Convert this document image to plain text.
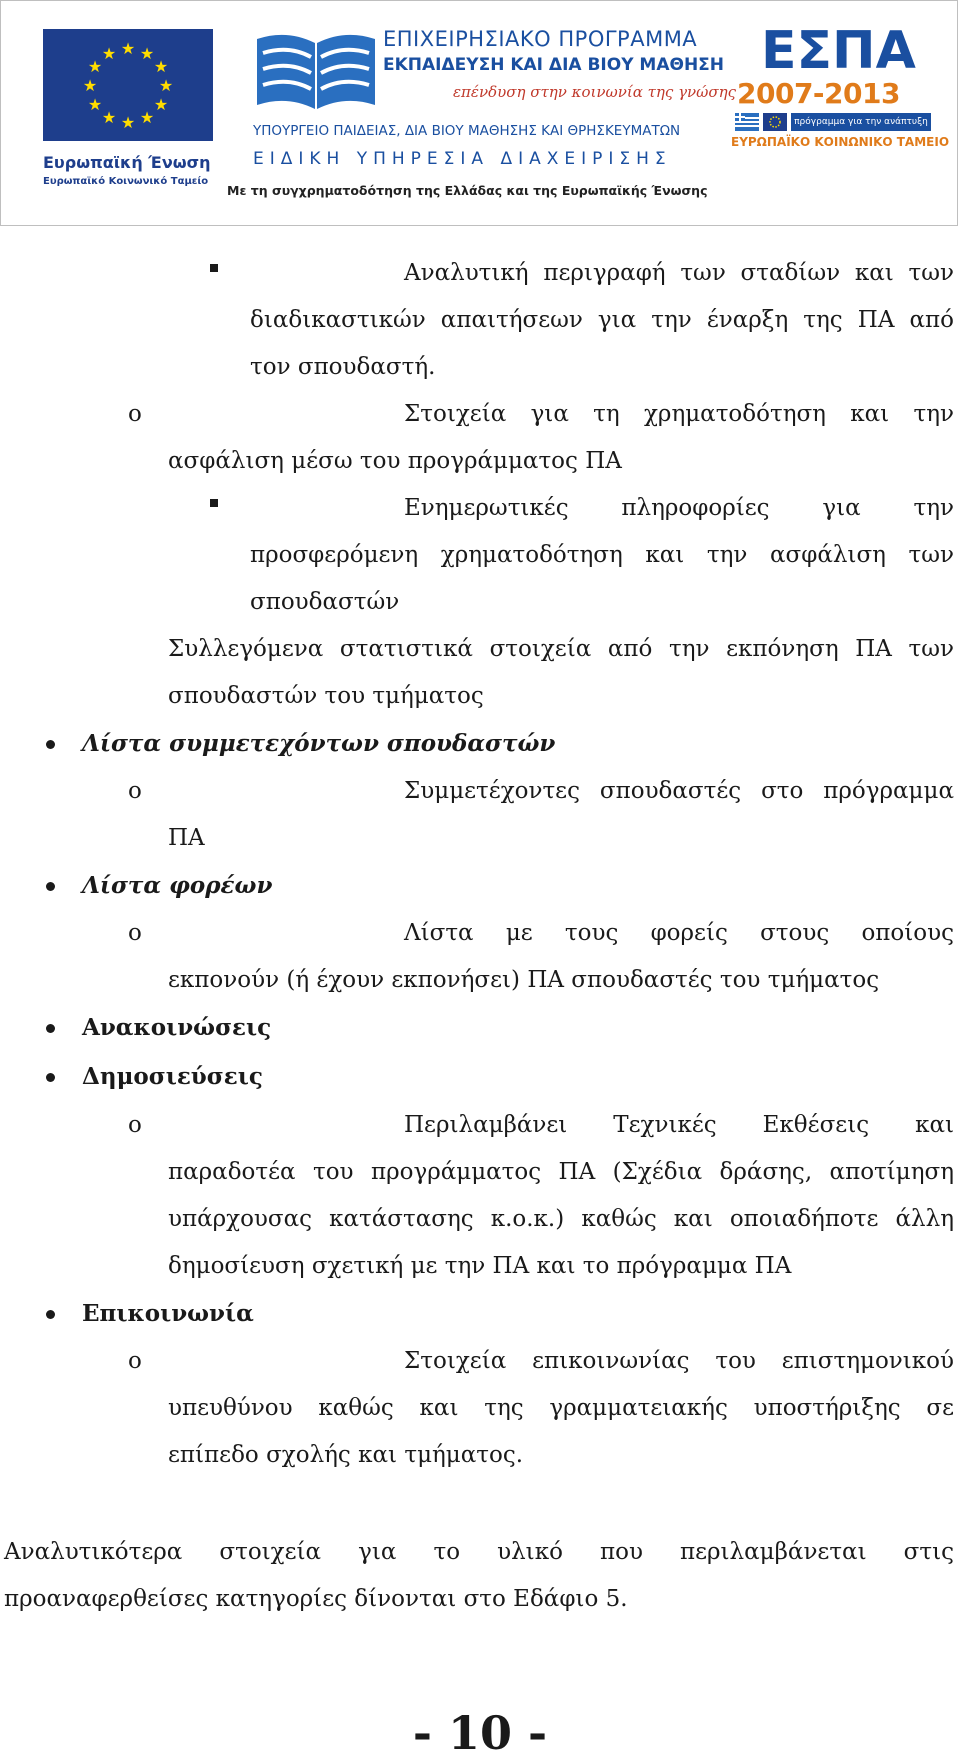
★ ★
★
★
★
★
★
★
★
★
★
★
Ευρωπαϊκή Ένωση
Ευρωπαϊκό Κοινωνικό Ταμείο
ΕΠΙΧΕΙΡΗΣΙΑΚΟ ΠΡΟΓΡΑΜΜΑ
ΕΚΠΑΙΔΕΥΣΗ ΚΑΙ ΔΙΑ ΒΙΟΥ ΜΑΘΗΣΗ
επένδυση στην κοινωνία της γνώσης
ΥΠΟΥΡΓΕΙΟ ΠΑΙΔΕΙΑΣ, ΔΙΑ ΒΙΟΥ ΜΑΘΗΣΗΣ ΚΑΙ ΘΡΗΣΚΕΥΜΑΤΩΝ
ΕΙΔΙΚΗ ΥΠΗΡΕΣΙΑ ΔΙΑΧΕΙΡΙΣΗΣ
Με τη συγχρηματοδότηση της Ελλάδας και της Ευρωπαϊκής Ένωσης
ΕΣΠΑ
2007-2013
πρόγραμμα για την ανάπτυξη
ΕΥΡΩΠΑΪΚΟ ΚΟΙΝΩΝΙΚΟ ΤΑΜΕΙΟ
Αναλυτική περιγραφή των σταδίων και των
διαδικαστικών απαιτήσεων για την έναρξη της ΠΑ από
τον σπουδαστή.
o	Στοιχεία για τη χρηματοδότηση και την
ασφάλιση μέσω του προγράμματος ΠΑ
Ενημερωτικές πληροφορίες για την
προσφερόμενη χρηματοδότηση και την ασφάλιση των
σπουδαστών
Συλλεγόμενα στατιστικά στοιχεία από την εκπόνηση ΠΑ των
σπουδαστών του τμήματος
Λίστα συμμετεχόντων σπουδαστών
o	Συμμετέχοντες σπουδαστές στο πρόγραμμα
ΠΑ
Λίστα φορέων
o	Λίστα με τους φορείς στους οποίους
εκπονούν (ή έχουν εκπονήσει) ΠΑ σπουδαστές του τμήματος
Ανακοινώσεις
Δημοσιεύσεις
o	Περιλαμβάνει Τεχνικές Εκθέσεις και
παραδοτέα του προγράμματος ΠΑ (Σχέδια δράσης, αποτίμηση
υπάρχουσας κατάστασης κ.ο.κ.) καθώς και οποιαδήποτε άλλη
δημοσίευση σχετική με την ΠΑ και το πρόγραμμα ΠΑ
Επικοινωνία
o	Στοιχεία επικοινωνίας του επιστημονικού
υπευθύνου καθώς και της γραμματειακής υποστήριξης σε
επίπεδο σχολής και τμήματος.
Αναλυτικότερα στοιχεία για το υλικό που περιλαμβάνεται στις
προαναφερθείσες κατηγορίες δίνονται στο Εδάφιο 5.
- 10 -
